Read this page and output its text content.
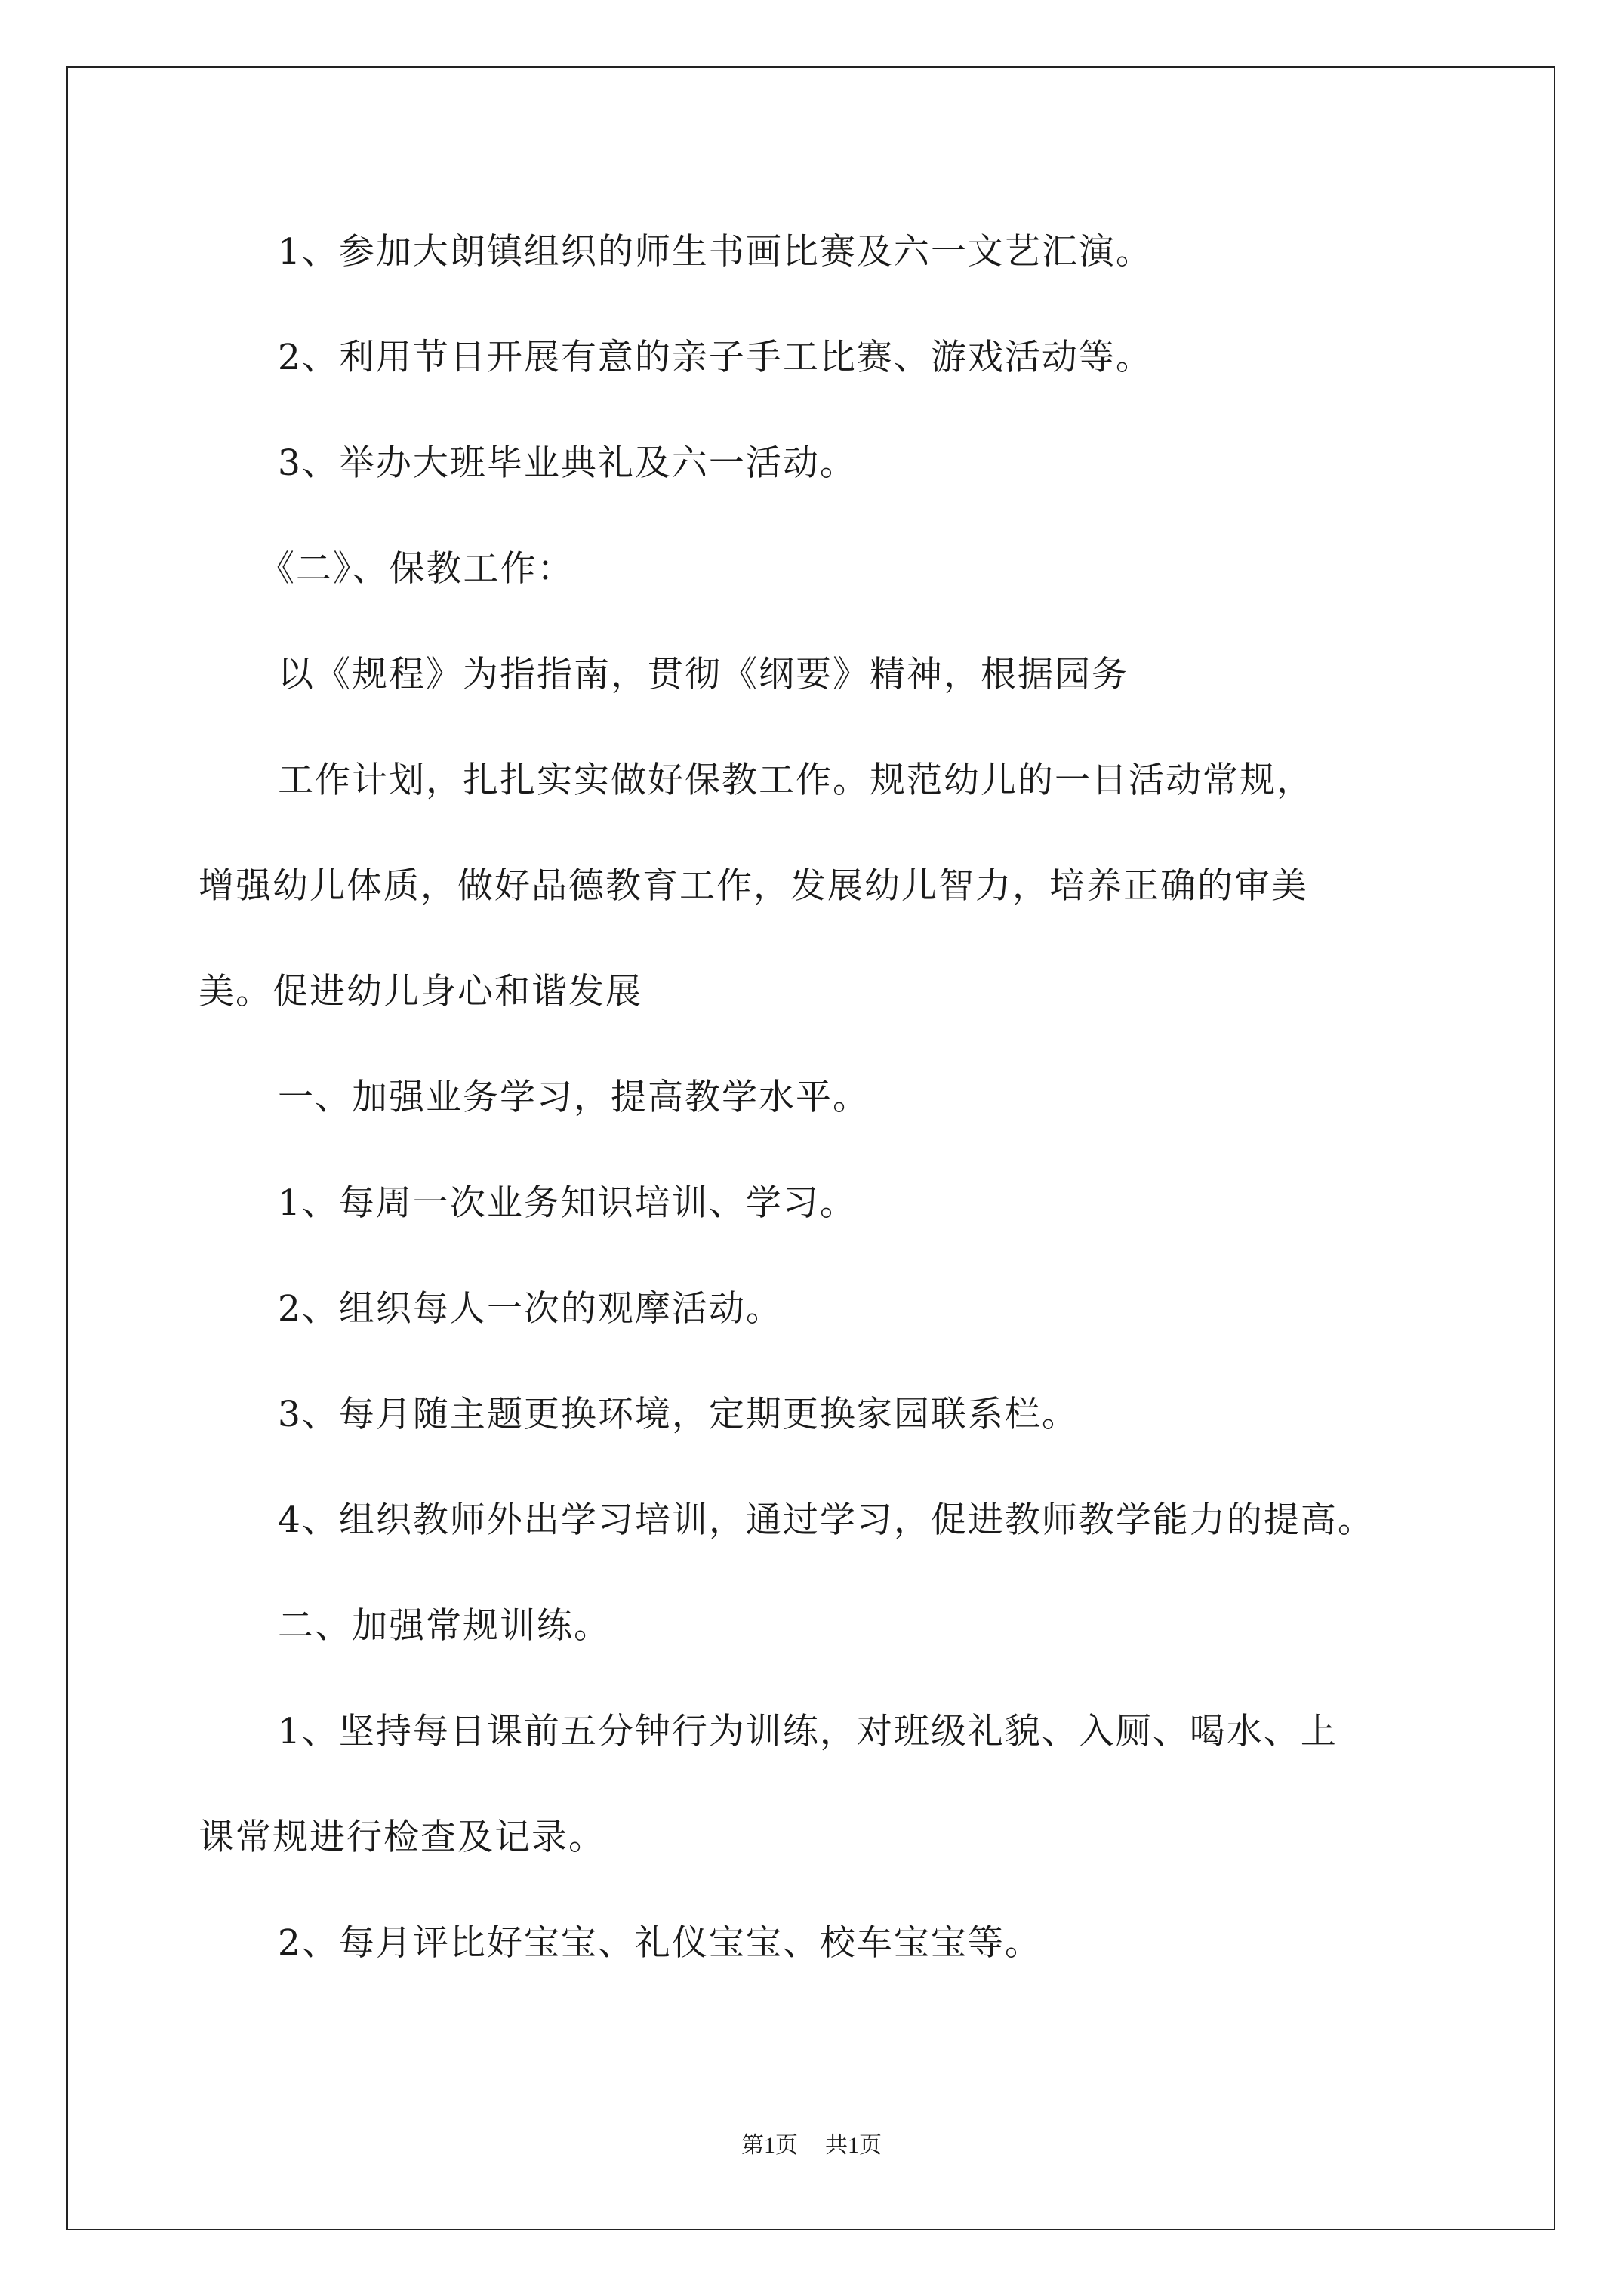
1、参加大朗镇组织的师生书画比赛及六一文艺汇演。
2、利用节日开展有意的亲子手工比赛、游戏活动等。
3、举办大班毕业典礼及六一活动。
《二》、保教工作：
以《规程》为指指南，贯彻《纲要》精神，根据园务
工作计划，扎扎实实做好保教工作。规范幼儿的一日活动常规，
增强幼儿体质，做好品德教育工作，发展幼儿智力，培养正确的审美
美。促进幼儿身心和谐发展
一、加强业务学习，提高教学水平。
1、每周一次业务知识培训、学习。
2、组织每人一次的观摩活动。
3、每月随主题更换环境，定期更换家园联系栏。
4、组织教师外出学习培训，通过学习，促进教师教学能力的提高。
二、加强常规训练。
1、坚持每日课前五分钟行为训练，对班级礼貌、入厕、喝水、上
课常规进行检查及记录。
2、每月评比好宝宝、礼仪宝宝、校车宝宝等。
第1页 共1页
